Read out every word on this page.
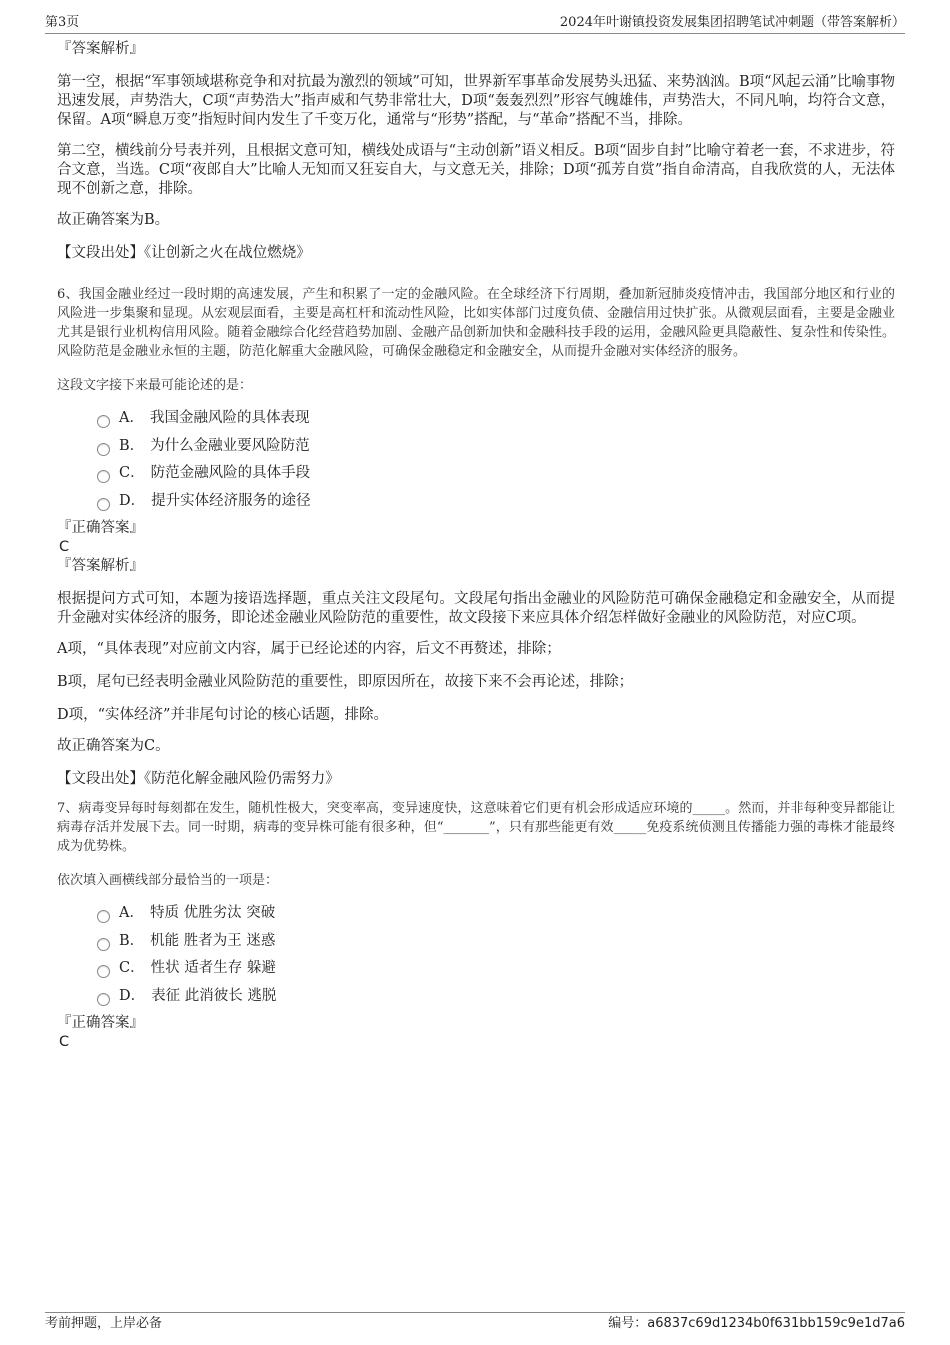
第3页	2024年叶谢镇投资发展集团招聘笔试冲刺题（带答案解析）

『答案解析』

第一空，根据“军事领域堪称竞争和对抗最为激烈的领域”可知，世界新军事革命发展势头迅猛、来势汹汹。B项“风起云涌”比喻事物迅速发展，声势浩大，C项“声势浩大”指声威和气势非常壮大，D项“轰轰烈烈”形容气魄雄伟，声势浩大，不同凡响，均符合文意，保留。A项“瞬息万变”指短时间内发生了千变万化，通常与“形势”搭配，与“革命”搭配不当，排除。

第二空，横线前分号表并列，且根据文意可知，横线处成语与“主动创新”语义相反。B项“固步自封”比喻守着老一套，不求进步，符合文意，当选。C项“夜郎自大”比喻人无知而又狂妄自大，与文意无关，排除；D项“孤芳自赏”指自命清高，自我欣赏的人，无法体现不创新之意，排除。

故正确答案为B。

【文段出处】《让创新之火在战位燃烧》

6、我国金融业经过一段时期的高速发展，产生和积累了一定的金融风险。在全球经济下行周期，叠加新冠肺炎疫情冲击，我国部分地区和行业的风险进一步集聚和显现。从宏观层面看，主要是高杠杆和流动性风险，比如实体部门过度负债、金融信用过快扩张。从微观层面看，主要是金融业尤其是银行业机构信用风险。随着金融综合化经营趋势加剧、金融产品创新加快和金融科技手段的运用，金融风险更具隐蔽性、复杂性和传染性。风险防范是金融业永恒的主题，防范化解重大金融风险，可确保金融稳定和金融安全，从而提升金融对实体经济的服务。

这段文字接下来最可能论述的是：

A． 我国金融风险的具体表现
B． 为什么金融业要风险防范
C． 防范金融风险的具体手段
D． 提升实体经济服务的途径

『正确答案』

C

『答案解析』

根据提问方式可知，本题为接语选择题，重点关注文段尾句。文段尾句指出金融业的风险防范可确保金融稳定和金融安全，从而提升金融对实体经济的服务，即论述金融业风险防范的重要性，故文段接下来应具体介绍怎样做好金融业的风险防范，对应C项。

A项，“具体表现”对应前文内容，属于已经论述的内容，后文不再赘述，排除；

B项，尾句已经表明金融业风险防范的重要性，即原因所在，故接下来不会再论述，排除；

D项，“实体经济”并非尾句讨论的核心话题，排除。

故正确答案为C。

【文段出处】《防范化解金融风险仍需努力》

7、病毒变异每时每刻都在发生，随机性极大，突变率高，变异速度快，这意味着它们更有机会形成适应环境的_____。然而，并非每种变异都能让病毒存活并发展下去。同一时期，病毒的变异株可能有很多种，但“_______”，只有那些能更有效_____免疫系统侦测且传播能力强的毒株才能最终成为优势株。

依次填入画横线部分最恰当的一项是：

A． 特质 优胜劣汰 突破
B． 机能 胜者为王 迷惑
C． 性状 适者生存 躲避
D． 表征 此消彼长 逃脱

『正确答案』

C

考前押题，上岸必备	编号：a6837c69d1234b0f631bb159c9e1d7a6
